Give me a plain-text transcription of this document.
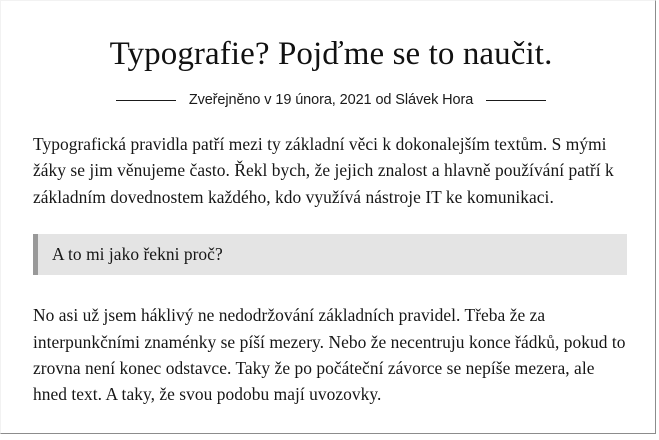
Typografie? Pojďme se to naučit.
Zveřejněno v 19 února, 2021 od Slávek Hora

Typografická pravidla patří mezi ty základní věci k dokonalejším textům. S mými žáky se jim věnujeme často. Řekl bych, že jejich znalost a hlavně používání patří k základním dovednostem každého, kdo využívá nástroje IT ke komunikaci.

A to mi jako řekni proč?

No asi už jsem háklivý ne nedodržování základních pravidel. Třeba že za interpunkčními znaménky se píší mezery. Nebo že necentruju konce řádků, pokud to zrovna není konec odstavce. Taky že po počáteční závorce se nepíše mezera, ale hned text. A taky, že svou podobu mají uvozovky.
